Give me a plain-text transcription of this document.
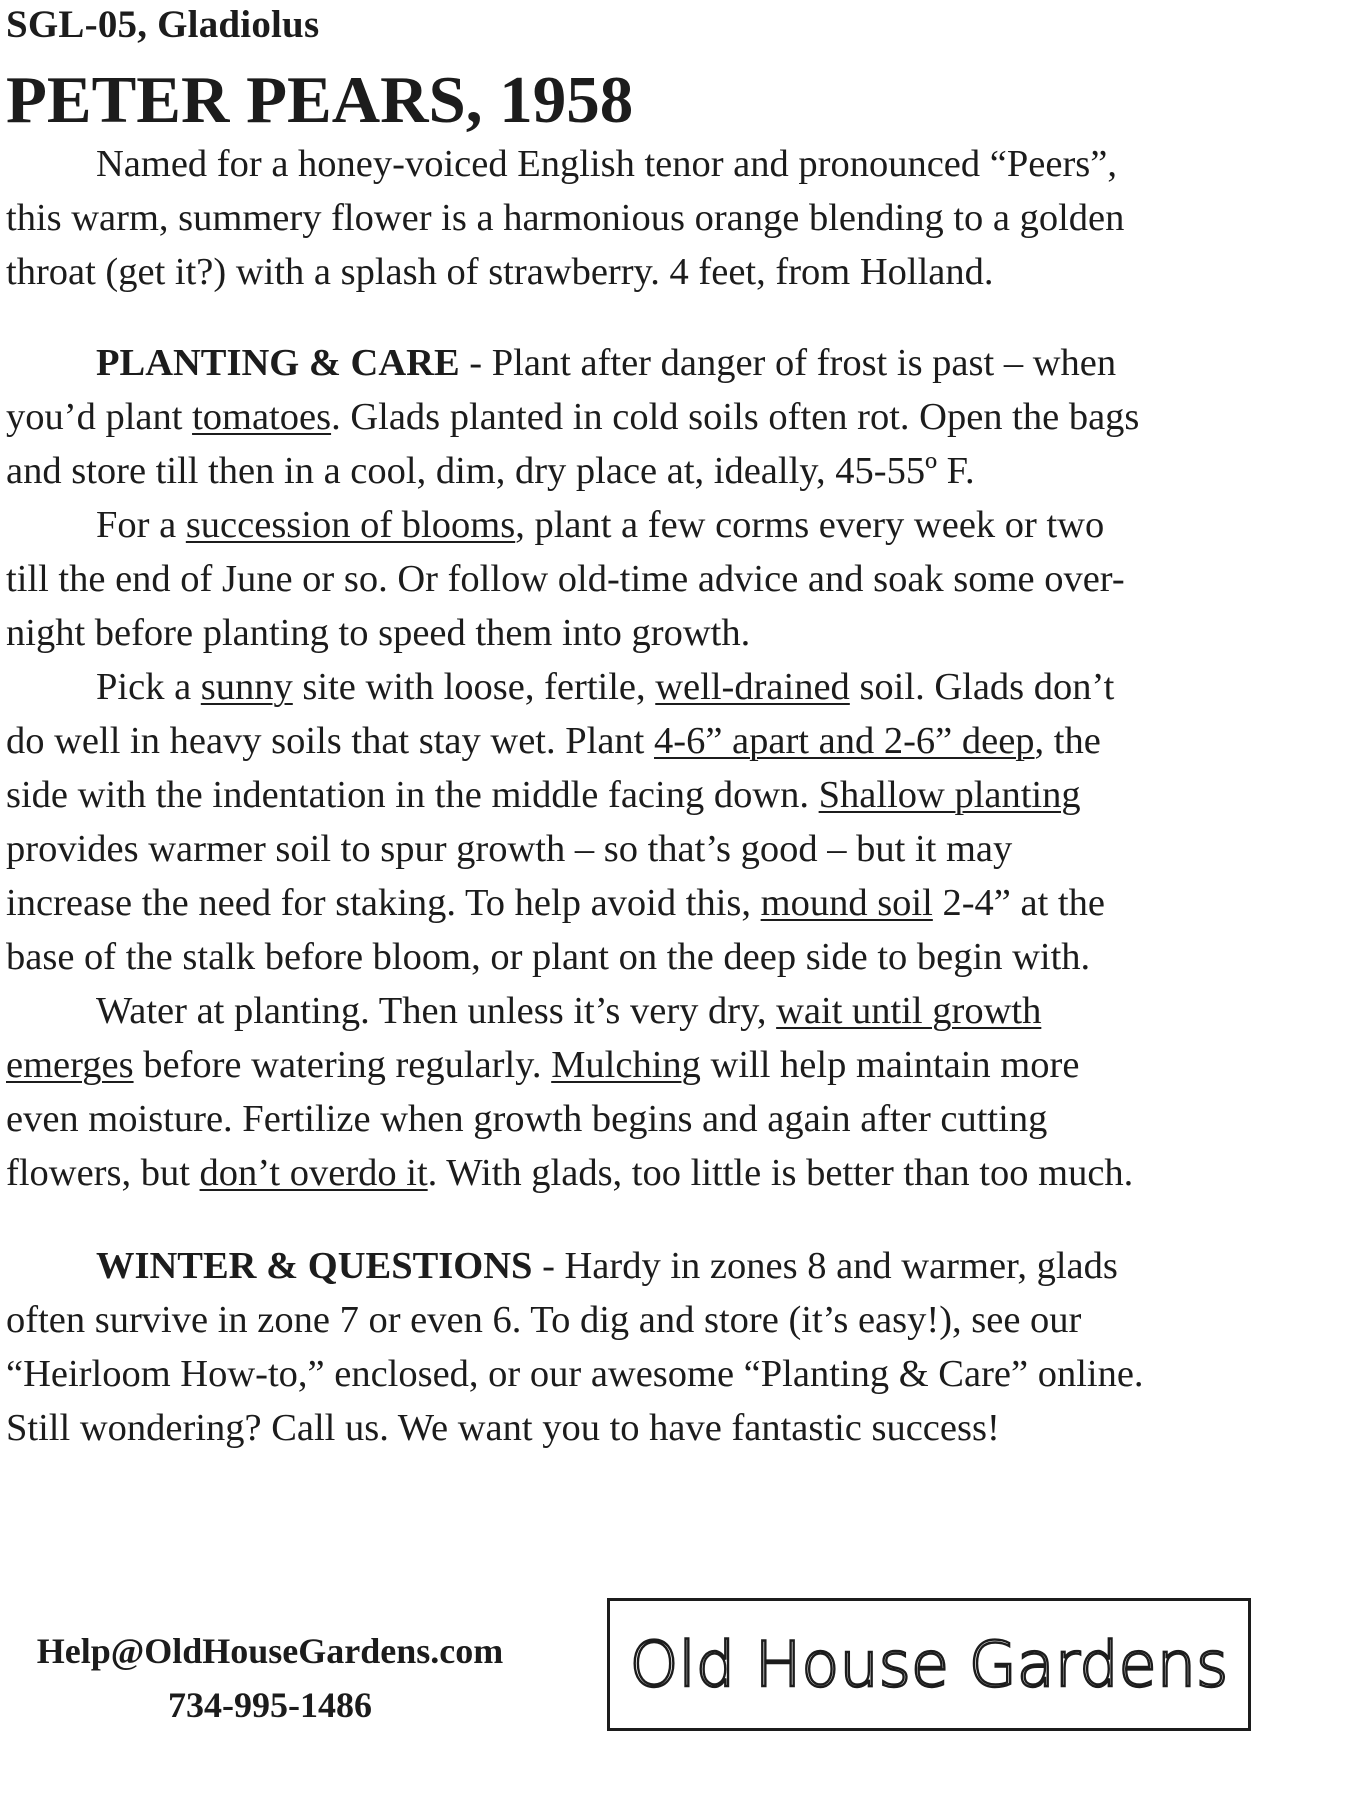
SGL-05, Gladiolus
PETER PEARS, 1958
Named for a honey-voiced English tenor and pronounced “Peers”,
this warm, summery flower is a harmonious orange blending to a golden
throat (get it?) with a splash of strawberry. 4 feet, from Holland.
PLANTING & CARE - Plant after danger of frost is past – when
you’d plant tomatoes. Glads planted in cold soils often rot. Open the bags
and store till then in a cool, dim, dry place at, ideally, 45-55º F.
For a succession of blooms, plant a few corms every week or two
till the end of June or so. Or follow old-time advice and soak some over-
night before planting to speed them into growth.
Pick a sunny site with loose, fertile, well-drained soil. Glads don’t
do well in heavy soils that stay wet. Plant 4-6” apart and 2-6” deep, the
side with the indentation in the middle facing down. Shallow planting
provides warmer soil to spur growth – so that’s good – but it may
increase the need for staking. To help avoid this, mound soil 2-4” at the
base of the stalk before bloom, or plant on the deep side to begin with.
Water at planting. Then unless it’s very dry, wait until growth
emerges before watering regularly. Mulching will help maintain more
even moisture. Fertilize when growth begins and again after cutting
flowers, but don’t overdo it. With glads, too little is better than too much.
WINTER & QUESTIONS - Hardy in zones 8 and warmer, glads
often survive in zone 7 or even 6. To dig and store (it’s easy!), see our
“Heirloom How-to,” enclosed, or our awesome “Planting & Care” online.
Still wondering? Call us. We want you to have fantastic success!
Help@OldHouseGardens.com
734-995-1486
Old House Gardens
